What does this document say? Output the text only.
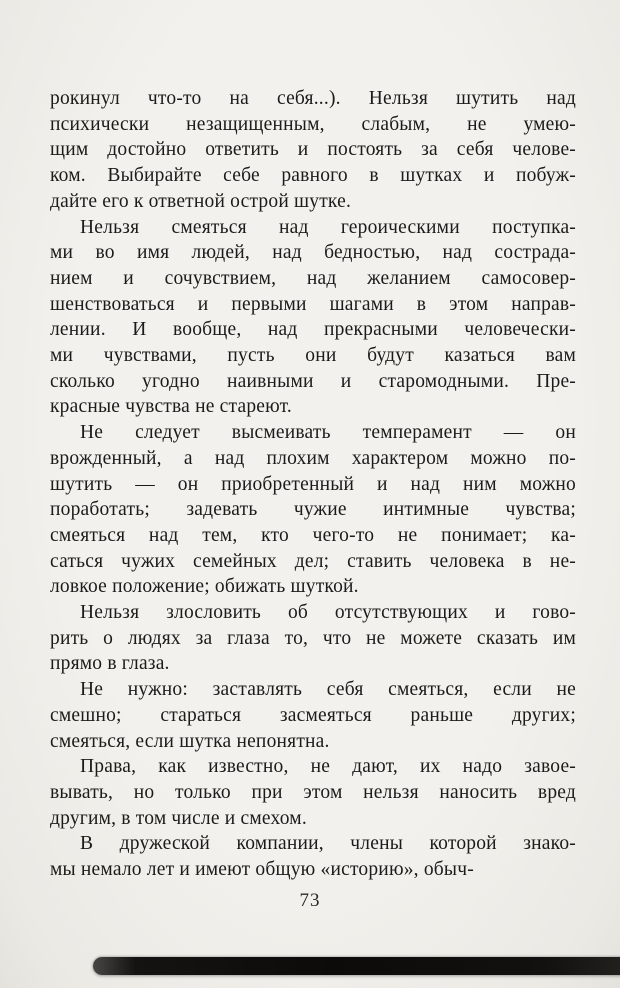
рокинул что-то на себя...). Нельзя шутить над
психически незащищенным, слабым, не умею-
щим достойно ответить и постоять за себя челове-
ком. Выбирайте себе равного в шутках и побуж-
дайте его к ответной острой шутке.
Нельзя смеяться над героическими поступка-
ми во имя людей, над бедностью, над сострада-
нием и сочувствием, над желанием самосовер-
шенствоваться и первыми шагами в этом направ-
лении. И вообще, над прекрасными человечески-
ми чувствами, пусть они будут казаться вам
сколько угодно наивными и старомодными. Пре-
красные чувства не стареют.
Не следует высмеивать темперамент — он
врожденный, а над плохим характером можно по-
шутить — он приобретенный и над ним можно
поработать; задевать чужие интимные чувства;
смеяться над тем, кто чего-то не понимает; ка-
саться чужих семейных дел; ставить человека в не-
ловкое положение; обижать шуткой.
Нельзя злословить об отсутствующих и гово-
рить о людях за глаза то, что не можете сказать им
прямо в глаза.
Не нужно: заставлять себя смеяться, если не
смешно; стараться засмеяться раньше других;
смеяться, если шутка непонятна.
Права, как известно, не дают, их надо завое-
вывать, но только при этом нельзя наносить вред
другим, в том числе и смехом.
В дружеской компании, члены которой знако-
мы немало лет и имеют общую «историю», обыч-
73
